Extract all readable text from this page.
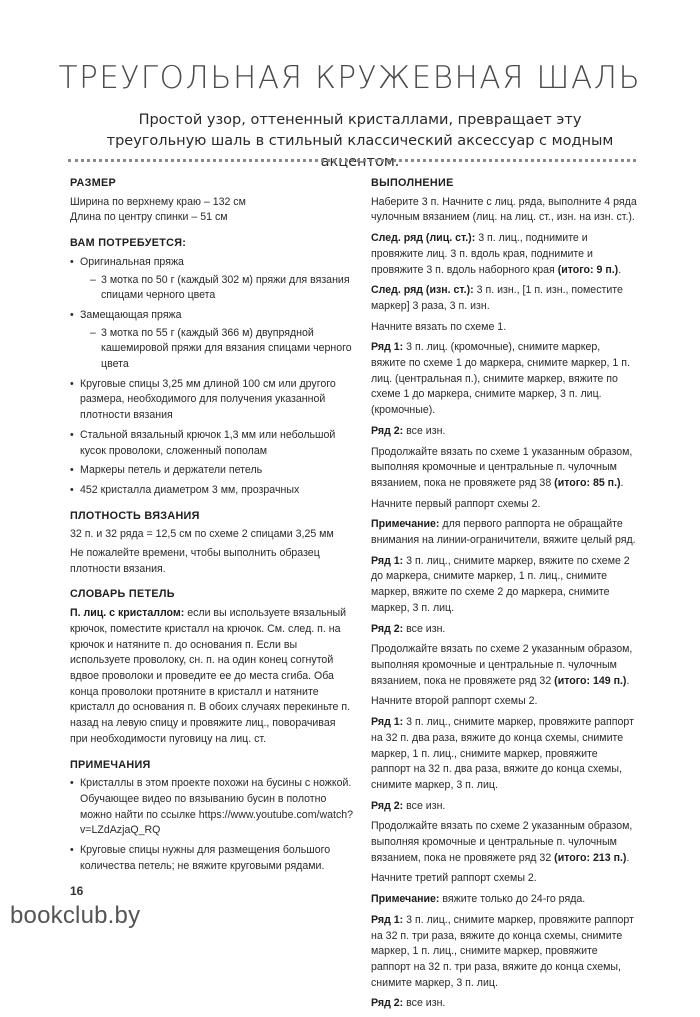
ТРЕУГОЛЬНАЯ КРУЖЕВНАЯ ШАЛЬ
Простой узор, оттененный кристаллами, превращает эту треугольную шаль в стильный классический аксессуар с модным акцентом.
РАЗМЕР

Ширина по верхнему краю – 132 см

Длина по центру спинки – 51 см

ВАМ ПОТРЕБУЕТСЯ:
• Оригинальная пряжа
– 3 мотка по 50 г (каждый 302 м) пряжи для вязания спицами черного цвета
• Замещающая пряжа
– 3 мотка по 55 г (каждый 366 м) двупрядной кашемировой пряжи для вязания спицами черного цвета
• Круговые спицы 3,25 мм длиной 100 см или другого размера, необходимого для получения указанной плотности вязания
• Стальной вязальный крючок 1,3 мм или небольшой кусок проволоки, сложенный пополам
• Маркеры петель и держатели петель
• 452 кристалла диаметром 3 мм, прозрачных
ПЛОТНОСТЬ ВЯЗАНИЯ

32 п. и 32 ряда = 12,5 см по схеме 2 спицами 3,25 мм

Не пожалейте времени, чтобы выполнить образец плотности вязания.

СЛОВАРЬ ПЕТЕЛЬ

П. лиц. с кристаллом: если вы используете вязальный крючок, поместите кристалл на крючок. См. след. п. на крючок и натяните п. до основания п. Если вы используете проволоку, сн. п. на один конец согнутой вдвое проволоки и проведите ее до места сгиба. Оба конца проволоки протяните в кристалл и натяните кристалл до основания п. В обоих случаях перекиньте п. назад на левую спицу и провяжите лиц., поворачивая при необходимости пуговицу на лиц. ст.

ПРИМЕЧАНИЯ
• Кристаллы в этом проекте похожи на бусины с ножкой. Обучающее видео по вязыванию бусин в полотно можно найти по ссылке https://www.youtube.com/watch?v=LZdAzjaQ_RQ
• Круговые спицы нужны для размещения большого количества петель; не вяжите круговыми рядами.
ВЫПОЛНЕНИЕ

Наберите 3 п. Начните с лиц. ряда, выполните 4 ряда чулочным вязанием (лиц. на лиц. ст., изн. на изн. ст.).

След. ряд (лиц. ст.): 3 п. лиц., поднимите и провяжите лиц. 3 п. вдоль края, поднимите и провяжите 3 п. вдоль наборного края (итого: 9 п.).

След. ряд (изн. ст.): 3 п. изн., [1 п. изн., поместите маркер] 3 раза, 3 п. изн.

Начните вязать по схеме 1.

Ряд 1: 3 п. лиц. (кромочные), снимите маркер, вяжите по схеме 1 до маркера, снимите маркер, 1 п. лиц. (центральная п.), снимите маркер, вяжите по схеме 1 до маркера, снимите маркер, 3 п. лиц. (кромочные).

Ряд 2: все изн.

Продолжайте вязать по схеме 1 указанным образом, выполняя кромочные и центральные п. чулочным вязанием, пока не провяжете ряд 38 (итого: 85 п.).

Начните первый раппорт схемы 2.

Примечание: для первого раппорта не обращайте внимания на линии-ограничители, вяжите целый ряд.

Ряд 1: 3 п. лиц., снимите маркер, вяжите по схеме 2 до маркера, снимите маркер, 1 п. лиц., снимите маркер, вяжите по схеме 2 до маркера, снимите маркер, 3 п. лиц.

Ряд 2: все изн.

Продолжайте вязать по схеме 2 указанным образом, выполняя кромочные и центральные п. чулочным вязанием, пока не провяжете ряд 32 (итого: 149 п.).

Начните второй раппорт схемы 2.

Ряд 1: 3 п. лиц., снимите маркер, провяжите раппорт на 32 п. два раза, вяжите до конца схемы, снимите маркер, 1 п. лиц., снимите маркер, провяжите раппорт на 32 п. два раза, вяжите до конца схемы, снимите маркер, 3 п. лиц.

Ряд 2: все изн.

Продолжайте вязать по схеме 2 указанным образом, выполняя кромочные и центральные п. чулочным вязанием, пока не провяжете ряд 32 (итого: 213 п.).

Начните третий раппорт схемы 2.

Примечание: вяжите только до 24-го ряда.

Ряд 1: 3 п. лиц., снимите маркер, провяжите раппорт на 32 п. три раза, вяжите до конца схемы, снимите маркер, 1 п. лиц., снимите маркер, провяжите раппорт на 32 п. три раза, вяжите до конца схемы, снимите маркер, 3 п. лиц.

Ряд 2: все изн.

16
bookclub.by
